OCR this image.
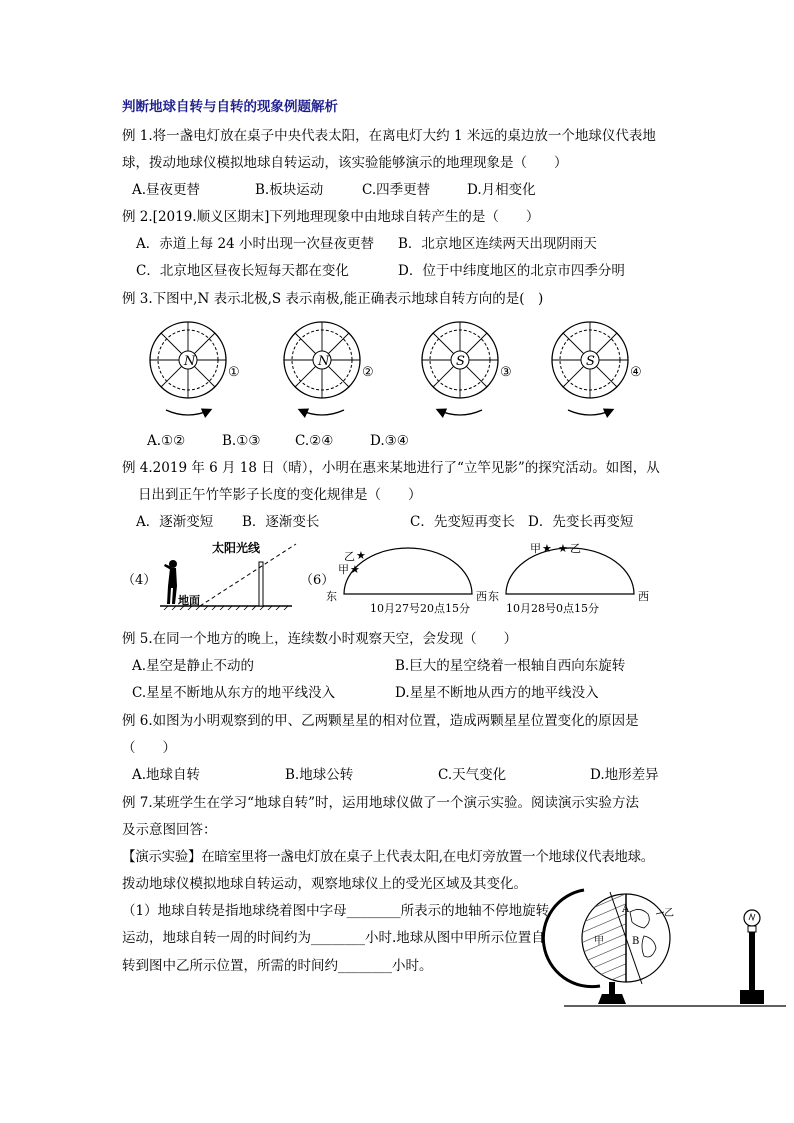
判断地球自转与自转的现象例题解析
例 1.将一盏电灯放在桌子中央代表太阳，在离电灯大约 1 米远的桌边放一个地球仪代表地
球，拨动地球仪模拟地球自转运动，该实验能够演示的地理现象是（　　）
A.昼夜更替	B.板块运动	C.四季更替	D.月相变化
例 2.[2019.顺义区期末]下列地理现象中由地球自转产生的是（　　）
A．赤道上每 24 小时出现一次昼夜更替 B．北京地区连续两天出现阴雨天
C．北京地区昼夜长短每天都在变化	D．位于中纬度地区的北京市四季分明
例 3.下图中,N 表示北极,S 表示南极,能正确表示地球自转方向的是(　)
N
①
N
②
S
③
S
④
A.①②	B.①③	C.②④	D.③④
例 4.2019 年 6 月 18 日（晴），小明在惠来某地进行了“立竿见影”的探究活动。如图，从
日出到正午竹竿影子长度的变化规律是（　　）
A．逐渐变短 B．逐渐变长	C．先变短再变长 D．先变长再变短
（4）
太阳光线
地面
（6）
乙 ★
甲 ★
东	西
10月27号20点15分
甲 ★ ★ 乙
东	西
10月28号0点15分
例 5.在同一个地方的晚上，连续数小时观察天空，会发现（　　）
A.星空是静止不动的	B.巨大的星空绕着一根轴自西向东旋转
C.星星不断地从东方的地平线没入	D.星星不断地从西方的地平线没入
例 6.如图为小明观察到的甲、乙两颗星星的相对位置，造成两颗星星位置变化的原因是
（　　）
A.地球自转	B.地球公转	C.天气变化	D.地形差异
例 7.某班学生在学习“地球自转”时，运用地球仪做了一个演示实验。阅读演示实验方法
及示意图回答：
【演示实验】在暗室里将一盏电灯放在桌子上代表太阳,在电灯旁放置一个地球仪代表地球。
拨动地球仪模拟地球自转运动，观察地球仪上的受光区域及其变化。
（1）地球自转是指地球绕着图中字母________所表示的地轴不停地旋转
运动，地球自转一周的时间约为________小时.地球从图中甲所示位置自
转到图中乙所示位置，所需的时间约________小时。
A
B
甲
乙
